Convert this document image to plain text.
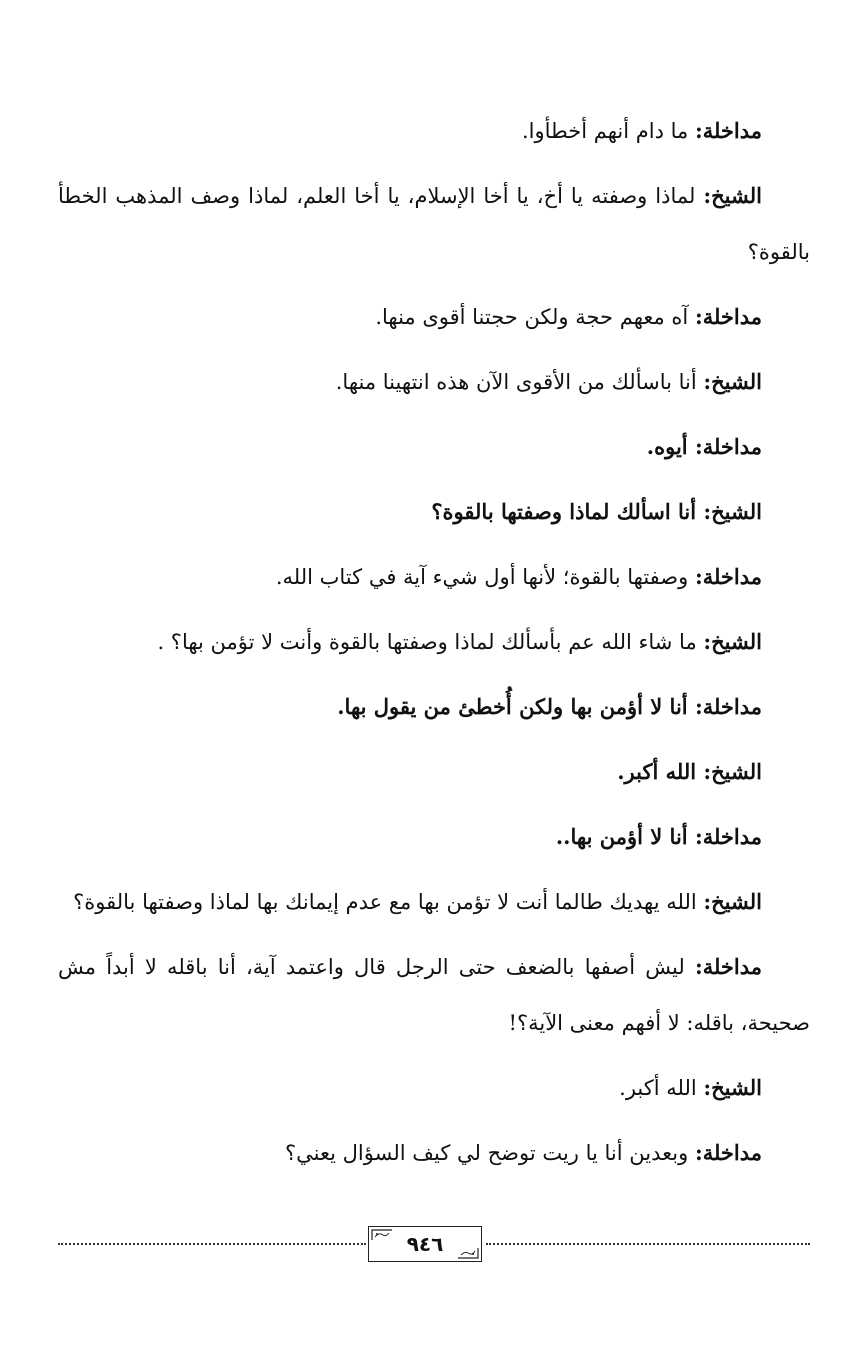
مداخلة: ما دام أنهم أخطأوا.

الشيخ: لماذا وصفته يا أخ، يا أخا الإسلام، يا أخا العلم، لماذا وصف المذهب الخطأ بالقوة؟

مداخلة: آه معهم حجة ولكن حجتنا أقوى منها.

الشيخ: أنا باسألك من الأقوى الآن هذه انتهينا منها.

مداخلة: أيوه.

الشيخ: أنا اسألك لماذا وصفتها بالقوة؟

مداخلة: وصفتها بالقوة؛ لأنها أول شيء آية في كتاب الله.

الشيخ: ما شاء الله عم بأسألك لماذا وصفتها بالقوة وأنت لا تؤمن بها؟ .

مداخلة: أنا لا أؤمن بها ولكن أُخطئ من يقول بها.

الشيخ: الله أكبر.

مداخلة: أنا لا أؤمن بها..

الشيخ: الله يهديك طالما أنت لا تؤمن بها مع عدم إيمانك بها لماذا وصفتها بالقوة؟

مداخلة: ليش أصفها بالضعف حتى الرجل قال واعتمد آية، أنا باقله لا أبداً مش صحيحة، باقله: لا أفهم معنى الآية؟!

الشيخ: الله أكبر.

مداخلة: وبعدين أنا يا ريت توضح لي كيف السؤال يعني؟

٩٤٦
